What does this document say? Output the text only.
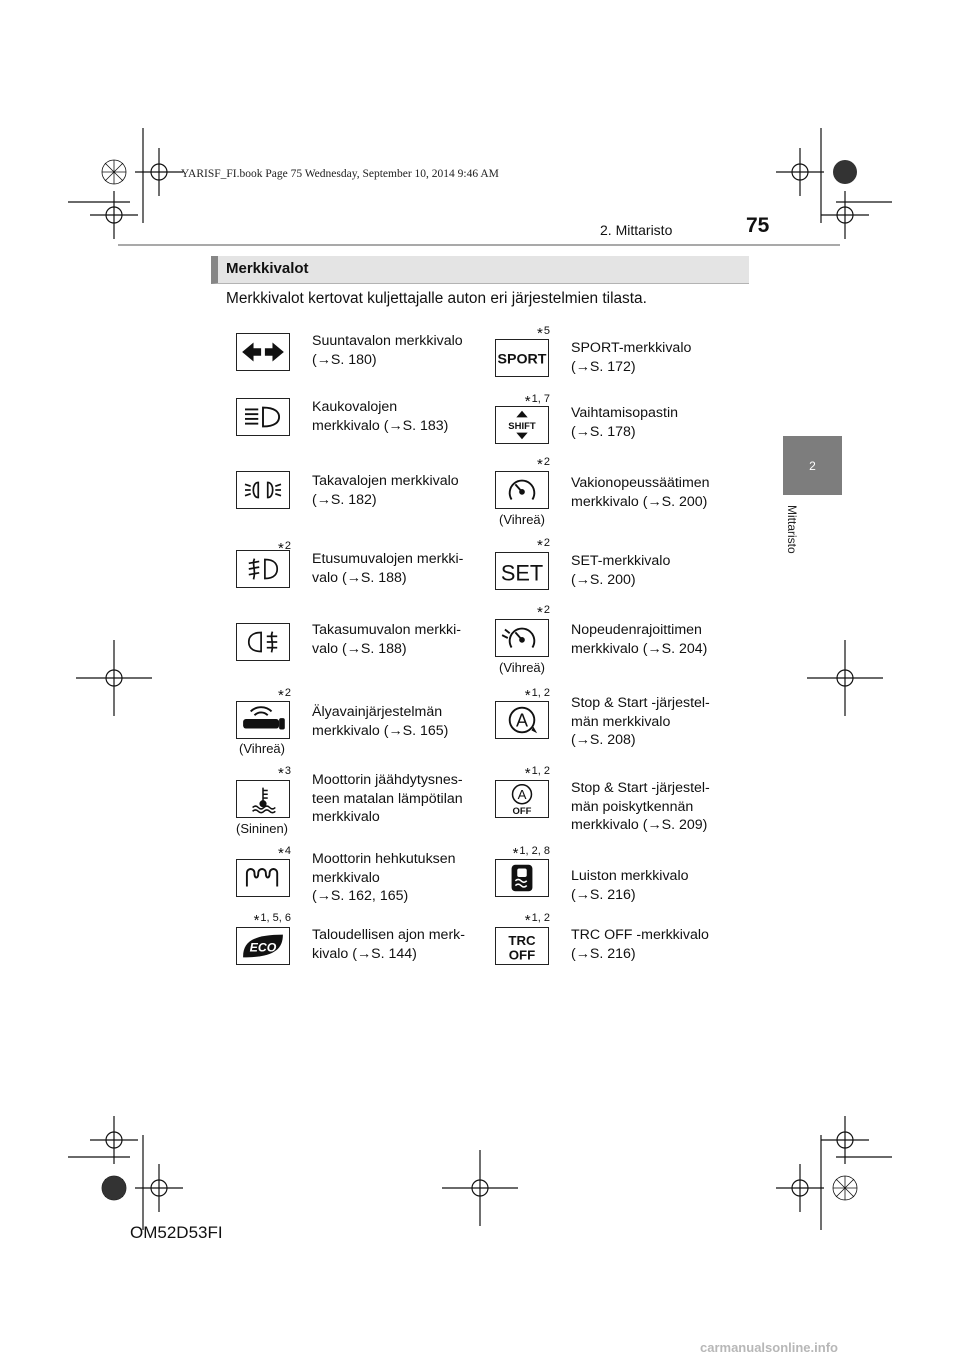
YARISF_FI.book Page 75 Wednesday, September 10, 2014 9:46 AM
2. Mittaristo	75
2
Mittaristo
Merkkivalot
Merkkivalot kertovat kuljettajalle auton eri järjestelmien tilasta.
ECO
SPORT
SHIFT
SET
A
A
OFF
TRC
OFF
*2
*2
*3
*4
*1, 5, 6
*5
*1, 7
*2
*2
*2
*1, 2
*1, 2
*1, 2, 8
*1, 2
(Vihreä)
(Sininen)
(Vihreä)
(Vihreä)
Suuntavalon merkkivalo
(→S. 180)
Kaukovalojen
merkkivalo (→S. 183)
Takavalojen merkkivalo
(→S. 182)
Etusumuvalojen merkki-
valo (→S. 188)
Takasumuvalon merkki-
valo (→S. 188)
Älyavainjärjestelmän
merkkivalo (→S. 165)
Moottorin jäähdytysnes-
teen matalan lämpötilan
merkkivalo
Moottorin hehkutuksen
merkkivalo
(→S. 162, 165)
Taloudellisen ajon merk-
kivalo (→S. 144)
SPORT-merkkivalo
(→S. 172)
Vaihtamisopastin
(→S. 178)
Vakionopeussäätimen
merkkivalo (→S. 200)
SET-merkkivalo
(→S. 200)
Nopeudenrajoittimen
merkkivalo (→S. 204)
Stop & Start -järjestel-
män merkkivalo
(→S. 208)
Stop & Start -järjestel-
män poiskytkennän
merkkivalo (→S. 209)
Luiston merkkivalo
(→S. 216)
TRC OFF -merkkivalo
(→S. 216)
OM52D53FI
carmanualsonline.info
